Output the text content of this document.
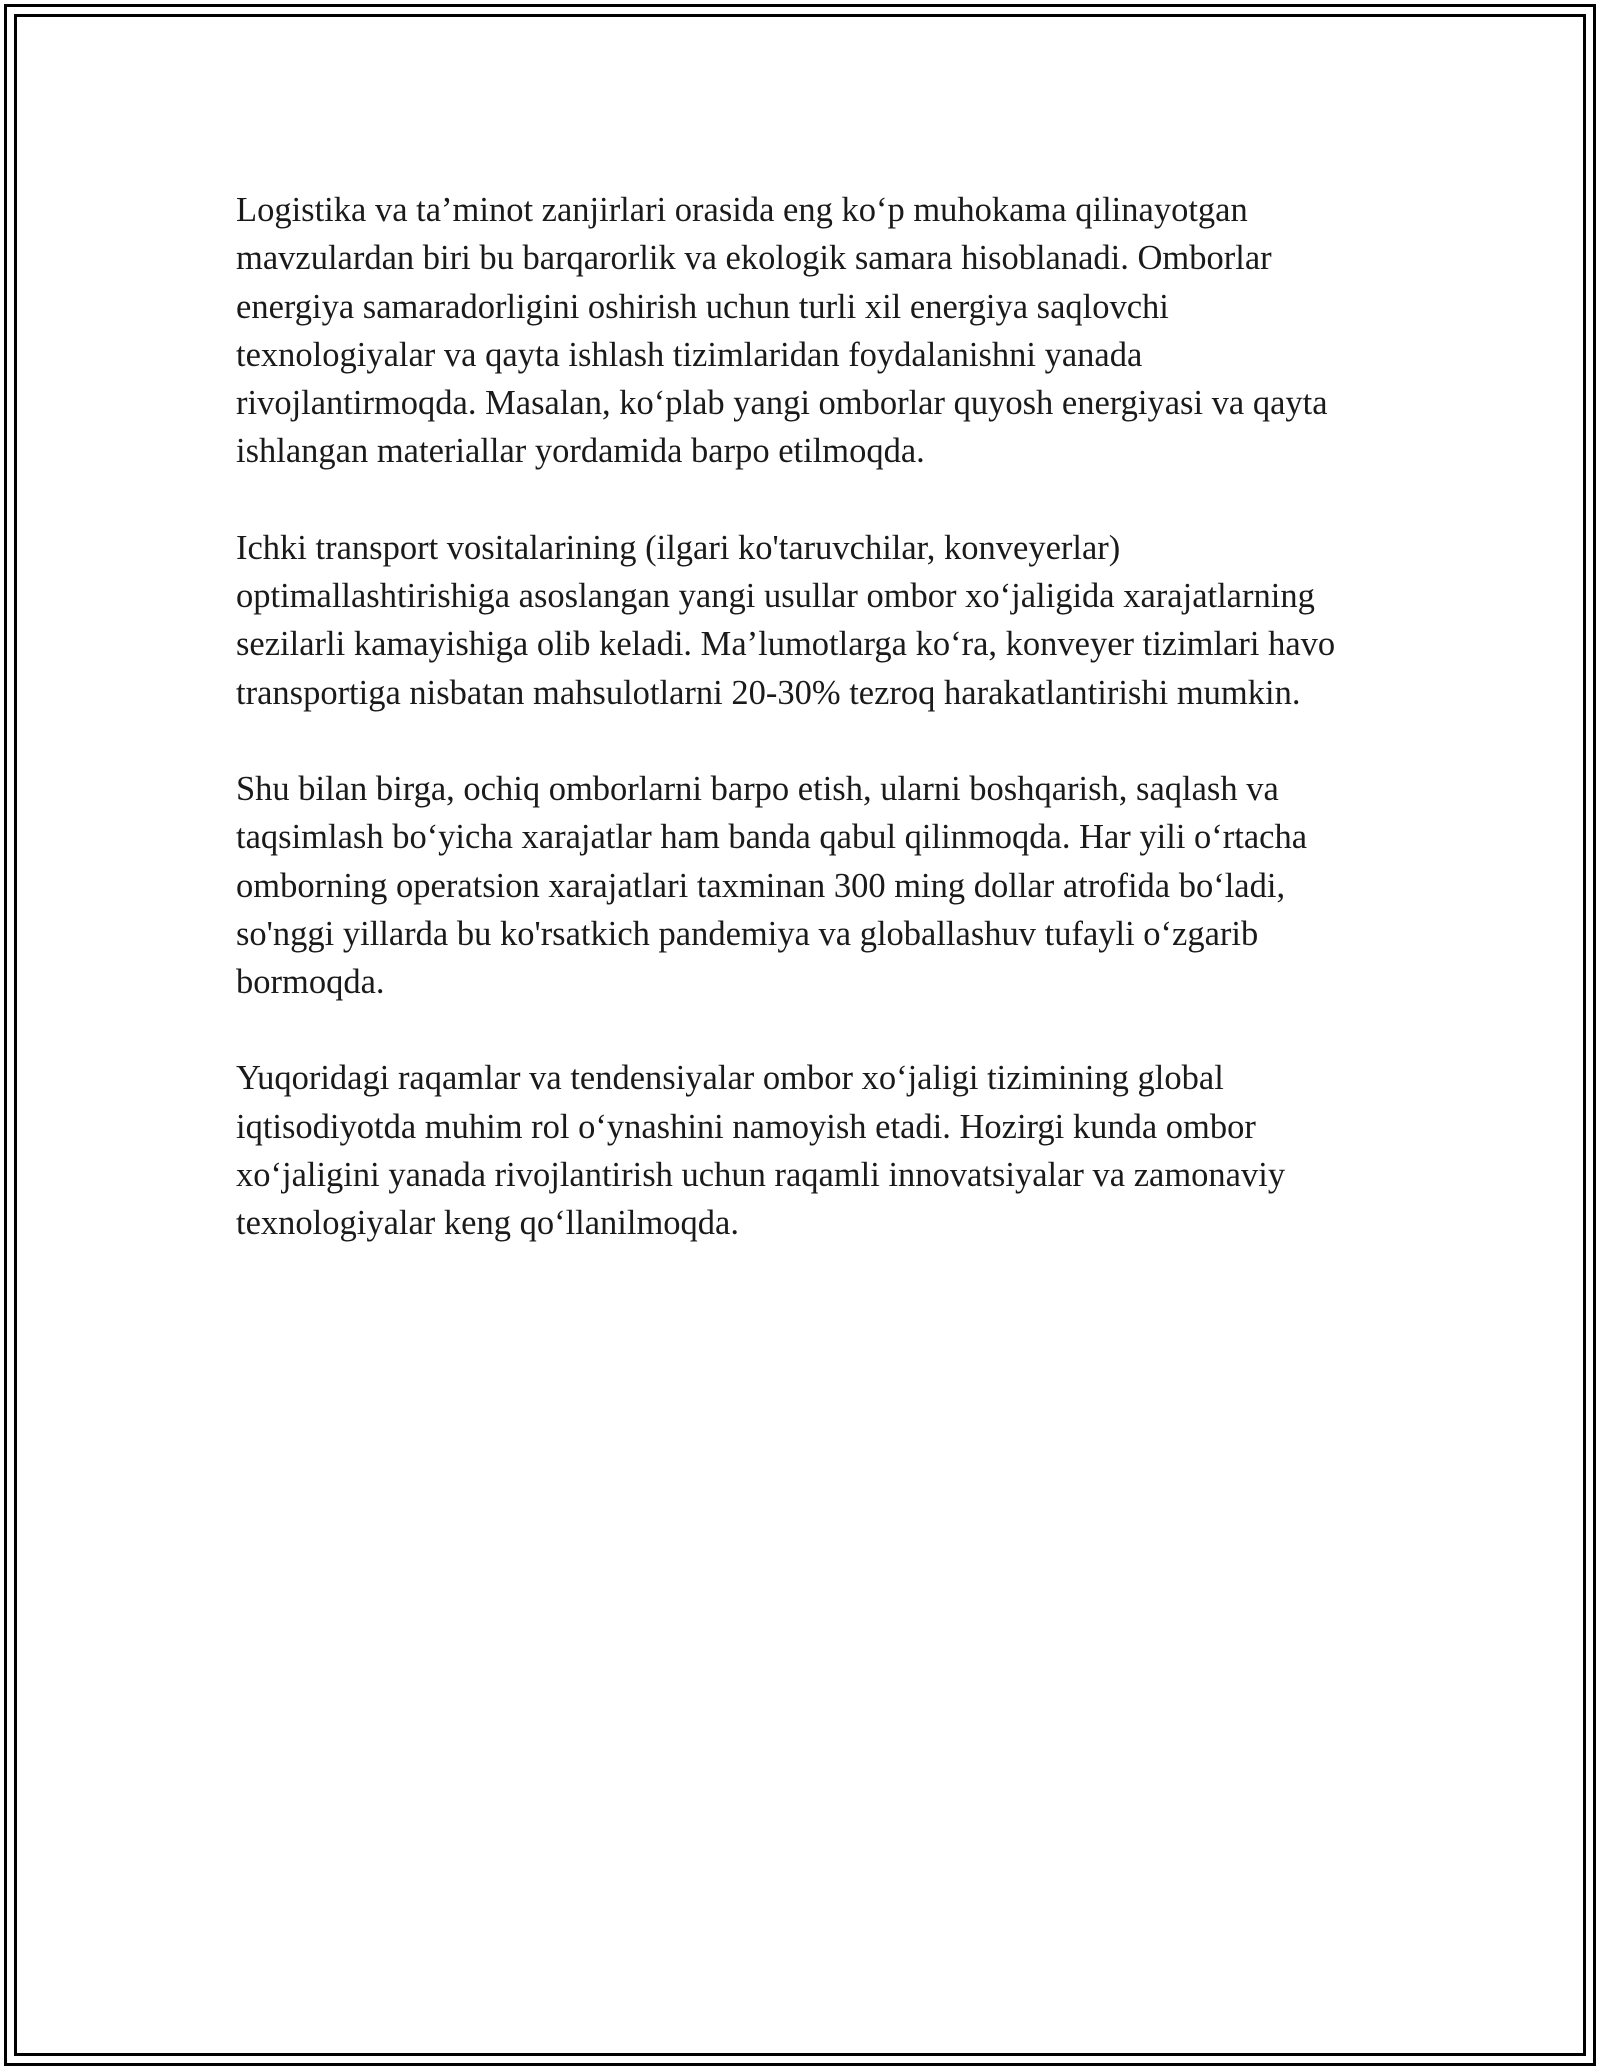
Logistika va ta’minot zanjirlari orasida eng ko‘p muhokama qilinayotgan mavzulardan biri bu barqarorlik va ekologik samara hisoblanadi. Omborlar energiya samaradorligini oshirish uchun turli xil energiya saqlovchi texnologiyalar va qayta ishlash tizimlaridan foydalanishni yanada rivojlantirmoqda. Masalan, ko‘plab yangi omborlar quyosh energiyasi va qayta ishlangan materiallar yordamida barpo etilmoqda.

Ichki transport vositalarining (ilgari ko'taruvchilar, konveyerlar) optimallashtirishiga asoslangan yangi usullar ombor xo‘jaligida xarajatlarning sezilarli kamayishiga olib keladi. Ma’lumotlarga ko‘ra, konveyer tizimlari havo transportiga nisbatan mahsulotlarni 20-30% tezroq harakatlantirishi mumkin.

Shu bilan birga, ochiq omborlarni barpo etish, ularni boshqarish, saqlash va taqsimlash bo‘yicha xarajatlar ham banda qabul qilinmoqda. Har yili o‘rtacha omborning operatsion xarajatlari taxminan 300 ming dollar atrofida bo‘ladi, so'nggi yillarda bu ko'rsatkich pandemiya va globallashuv tufayli o‘zgarib bormoqda.

Yuqoridagi raqamlar va tendensiyalar ombor xo‘jaligi tizimining global iqtisodiyotda muhim rol o‘ynashini namoyish etadi. Hozirgi kunda ombor xo‘jaligini yanada rivojlantirish uchun raqamli innovatsiyalar va zamonaviy texnologiyalar keng qo‘llanilmoqda.
